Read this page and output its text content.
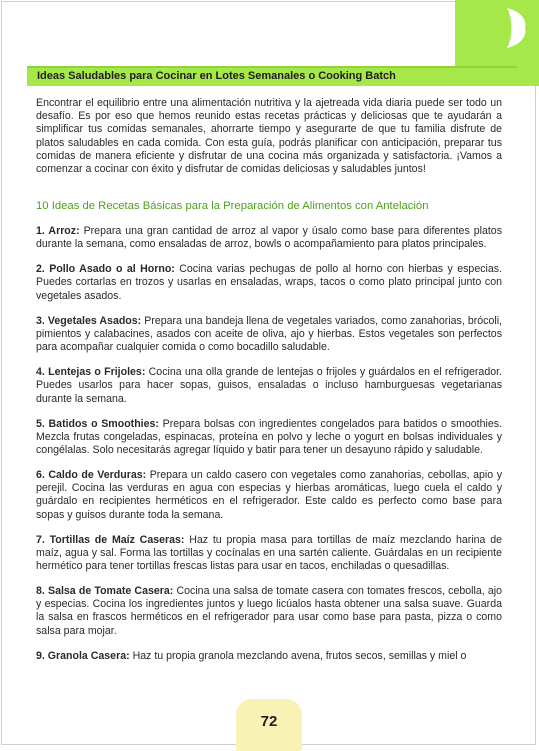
Ideas Saludables para Cocinar en Lotes Semanales o Cooking Batch

Encontrar el equilibrio entre una alimentación nutritiva y la ajetreada vida diaria puede ser todo un desafío. Es por eso que hemos reunido estas recetas prácticas y deliciosas que te ayudarán a simplificar tus comidas semanales, ahorrarte tiempo y asegurarte de que tu familia disfrute de platos saludables en cada comida. Con esta guía, podrás planificar con anticipación, preparar tus comidas de manera eficiente y disfrutar de una cocina más organizada y satisfactoria. ¡Vamos a comenzar a cocinar con éxito y disfrutar de comidas deliciosas y saludables juntos!

10 Ideas de Recetas Básicas para la Preparación de Alimentos con Antelación

1. Arroz: Prepara una gran cantidad de arroz al vapor y úsalo como base para diferentes platos durante la semana, como ensaladas de arroz, bowls o acompañamiento para platos principales.

2. Pollo Asado o al Horno: Cocina varias pechugas de pollo al horno con hierbas y especias. Puedes cortarlas en trozos y usarlas en ensaladas, wraps, tacos o como plato principal junto con vegetales asados.

3. Vegetales Asados: Prepara una bandeja llena de vegetales variados, como zanahorias, brócoli, pimientos y calabacines, asados con aceite de oliva, ajo y hierbas. Estos vegetales son perfectos para acompañar cualquier comida o como bocadillo saludable.

4. Lentejas o Frijoles: Cocina una olla grande de lentejas o frijoles y guárdalos en el refrigerador. Puedes usarlos para hacer sopas, guisos, ensaladas o incluso hamburguesas vegetarianas durante la semana.

5. Batidos o Smoothies: Prepara bolsas con ingredientes congelados para batidos o smoothies. Mezcla frutas congeladas, espinacas, proteína en polvo y leche o yogurt en bolsas individuales y congélalas. Solo necesitarás agregar líquido y batir para tener un desayuno rápido y saludable.

6. Caldo de Verduras: Prepara un caldo casero con vegetales como zanahorias, cebollas, apio y perejil. Cocina las verduras en agua con especias y hierbas aromáticas, luego cuela el caldo y guárdalo en recipientes herméticos en el refrigerador. Este caldo es perfecto como base para sopas y guisos durante toda la semana.

7. Tortillas de Maíz Caseras: Haz tu propia masa para tortillas de maíz mezclando harina de maíz, agua y sal. Forma las tortillas y cocínalas en una sartén caliente. Guárdalas en un recipiente hermético para tener tortillas frescas listas para usar en tacos, enchiladas o quesadillas.

8. Salsa de Tomate Casera: Cocina una salsa de tomate casera con tomates frescos, cebolla, ajo y especias. Cocina los ingredientes juntos y luego licúalos hasta obtener una salsa suave. Guarda la salsa en frascos herméticos en el refrigerador para usar como base para pasta, pizza o como salsa para mojar.

9. Granola Casera: Haz tu propia granola mezclando avena, frutos secos, semillas y miel o

72
